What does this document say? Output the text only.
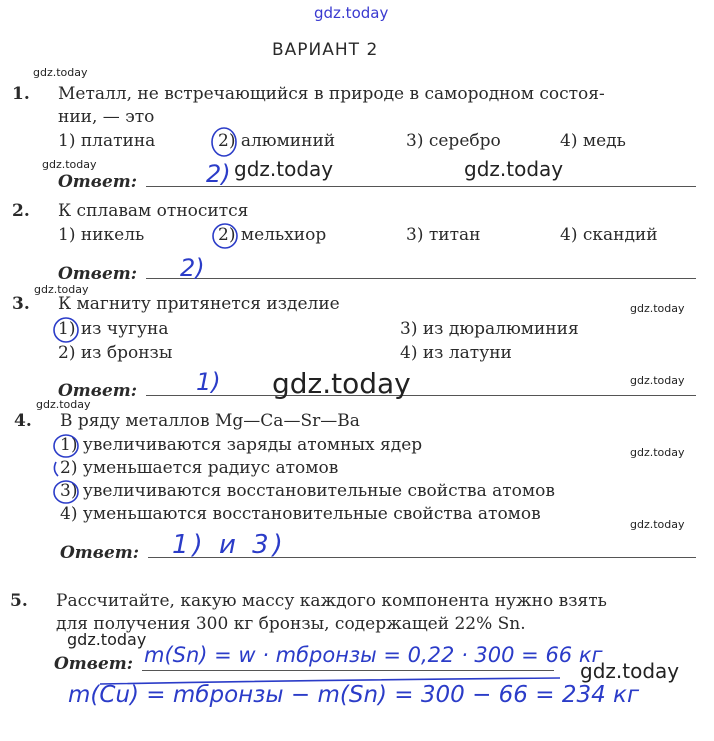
gdz.today
ВАРИАНТ 2
gdz.today
1. Металл, не встречающийся в природе в самородном состоя-
нии, — это
1) платина	2) алюминий	3) серебро	4) медь
gdz.today
Ответ:	2) gdz.today	gdz.today
2. К сплавам относится
1) никель	2) мельхиор	3) титан	4) скандий
Ответ: 2)
gdz.today
3. К магниту притянется изделие	gdz.today
1) из чугуна
2) из бронзы
3) из дюралюминия
4) из латуни
Ответ: 1) gdz.today	gdz.today
gdz.today
4. В ряду металлов Mg—Ca—Sr—Ba
1) увеличиваются заряды атомных ядер
2) уменьшается радиус атомов
3) увеличиваются восстановительные свойства атомов
4) уменьшаются восстановительные свойства атомов
gdz.today
gdz.today
Ответ: 1) и 3)
5. Рассчитайте, какую массу каждого компонента нужно взять
для получения 300 кг бронзы, содержащей 22% Sn.
gdz.today
Ответ: m(Sn) = w · mбронзы = 0,22 · 300 = 66 кг
gdz.today
m(Cu) = mбронзы − m(Sn) = 300 − 66 = 234 кг
